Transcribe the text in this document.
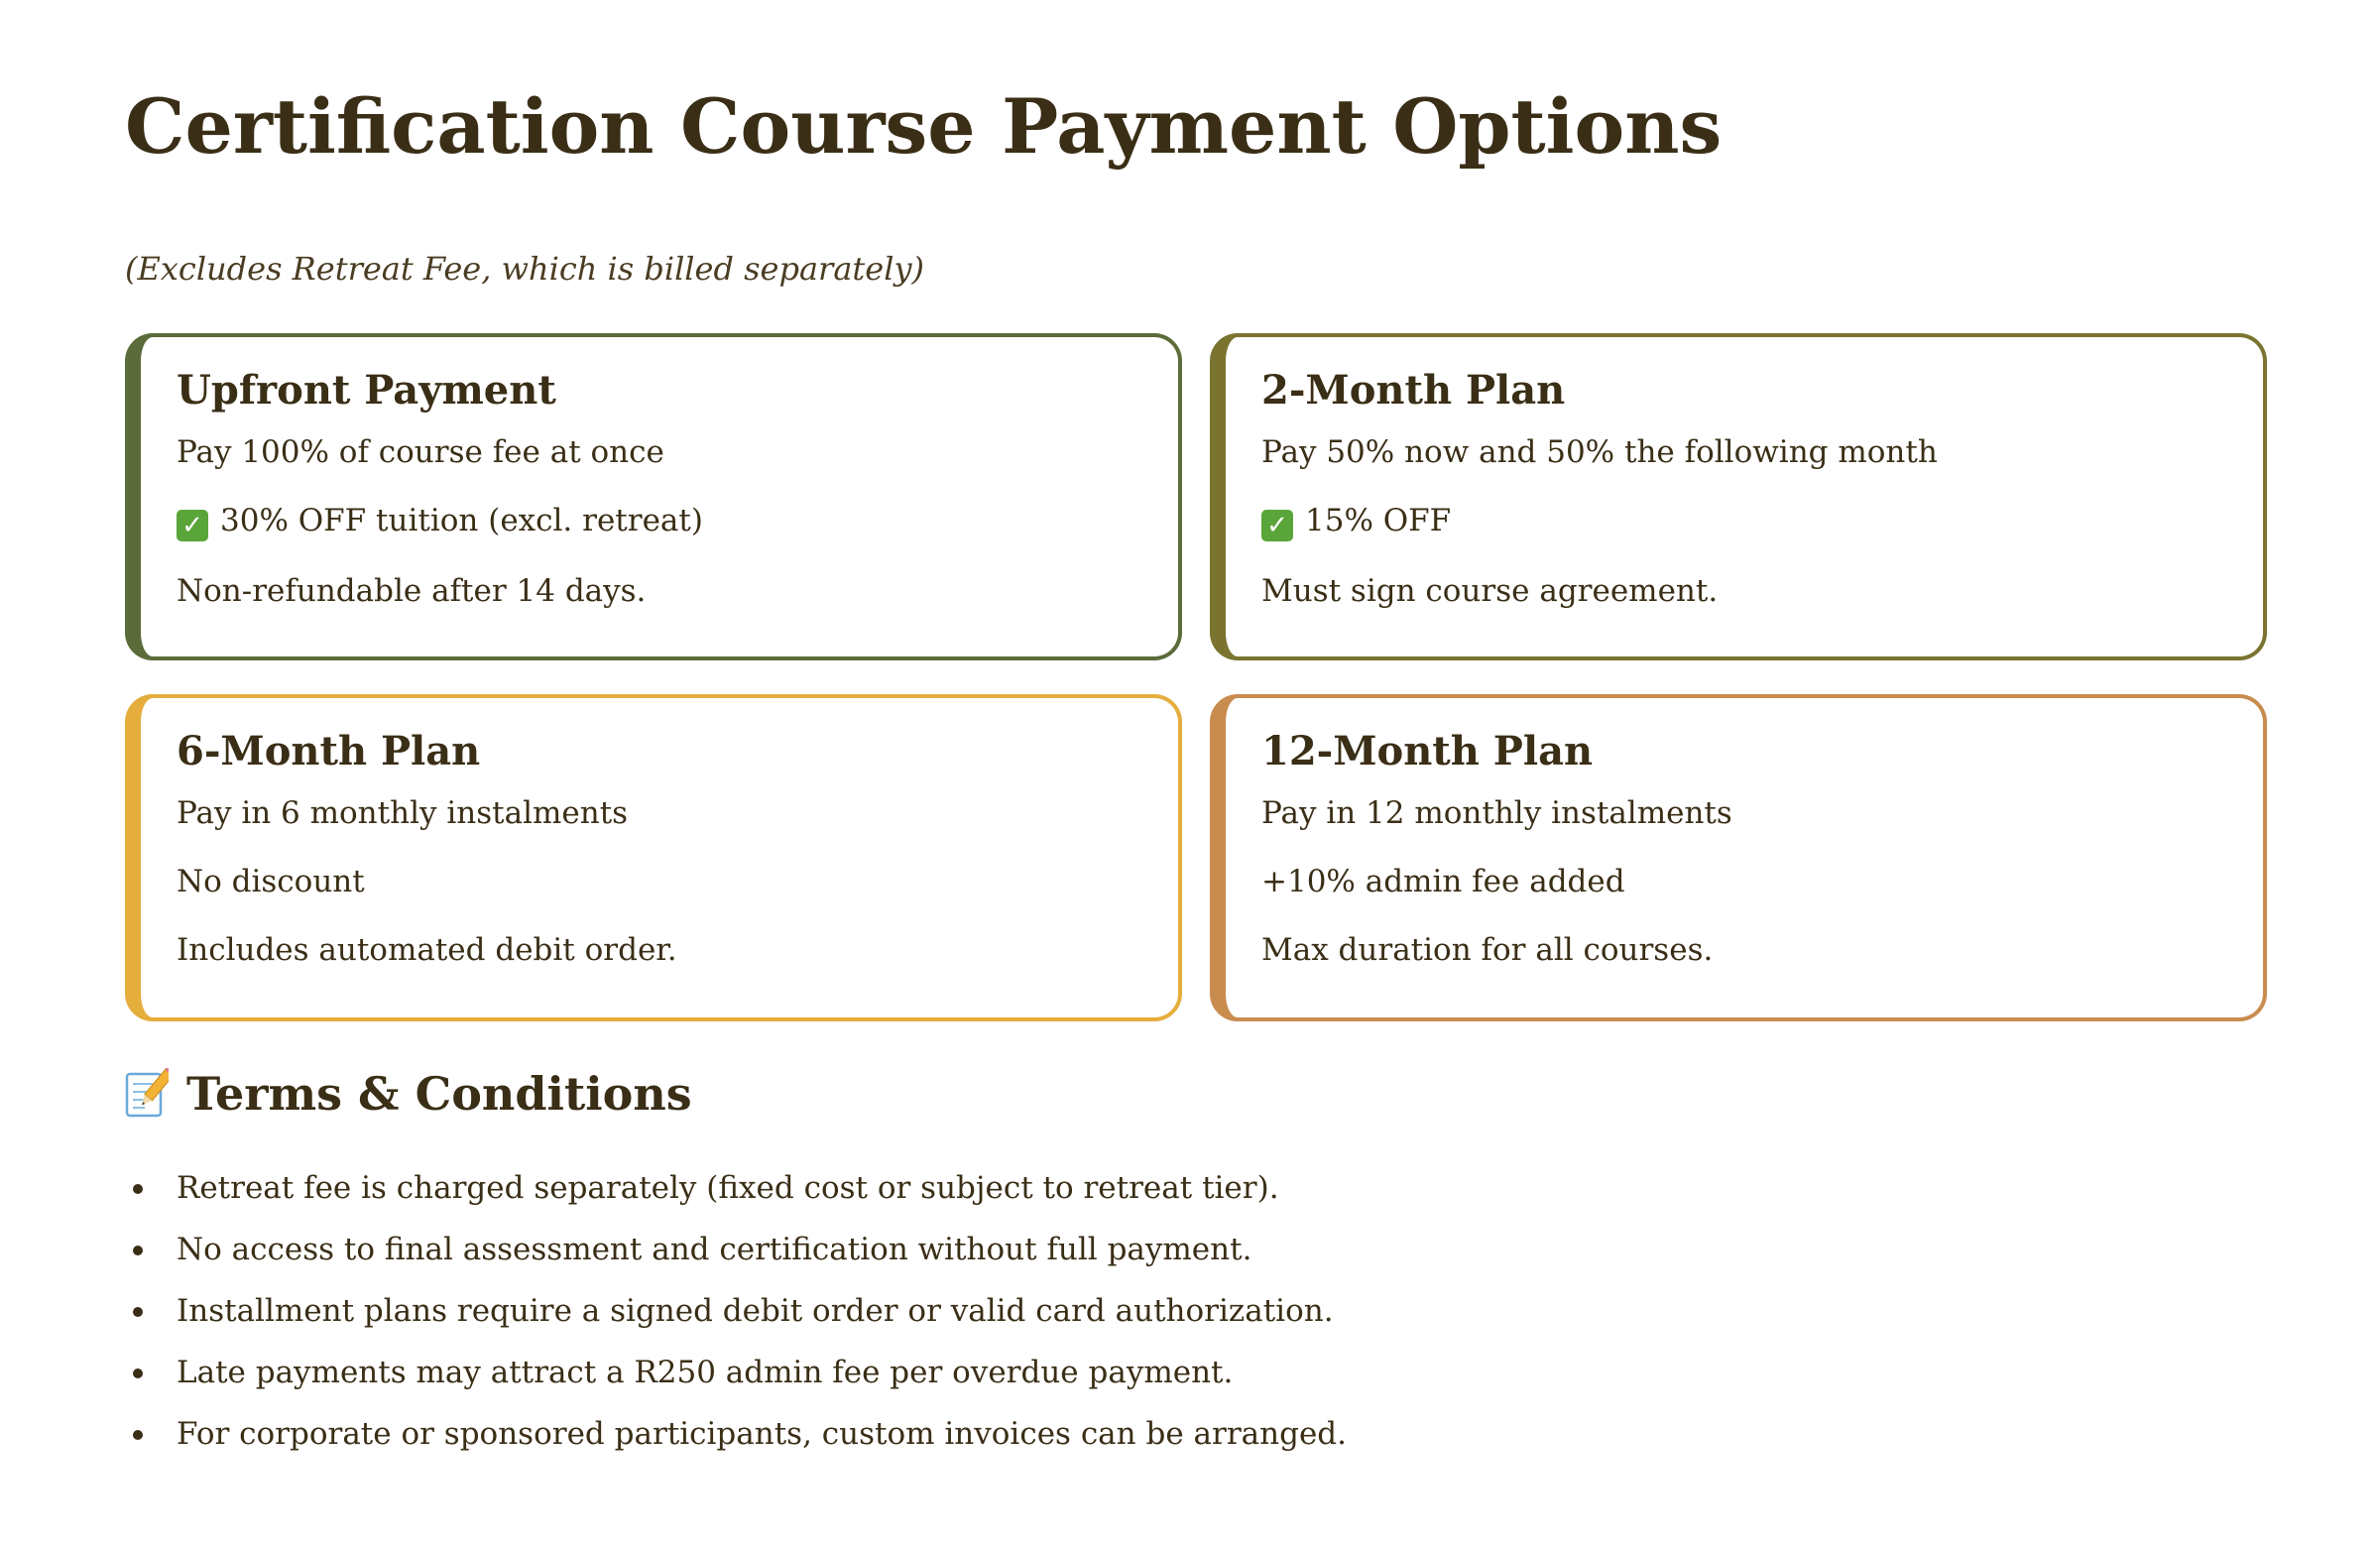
Certification Course Payment Options

(Excludes Retreat Fee, which is billed separately)

Upfront Payment

Pay 100% of course fee at once

✓ 30% OFF tuition (excl. retreat)

Non-refundable after 14 days.

2-Month Plan

Pay 50% now and 50% the following month

✓ 15% OFF

Must sign course agreement.

6-Month Plan

Pay in 6 monthly instalments

No discount

Includes automated debit order.

12-Month Plan

Pay in 12 monthly instalments

+10% admin fee added

Max duration for all courses.

Terms & Conditions
Retreat fee is charged separately (fixed cost or subject to retreat tier).
No access to final assessment and certification without full payment.
Installment plans require a signed debit order or valid card authorization.
Late payments may attract a R250 admin fee per overdue payment.
For corporate or sponsored participants, custom invoices can be arranged.
